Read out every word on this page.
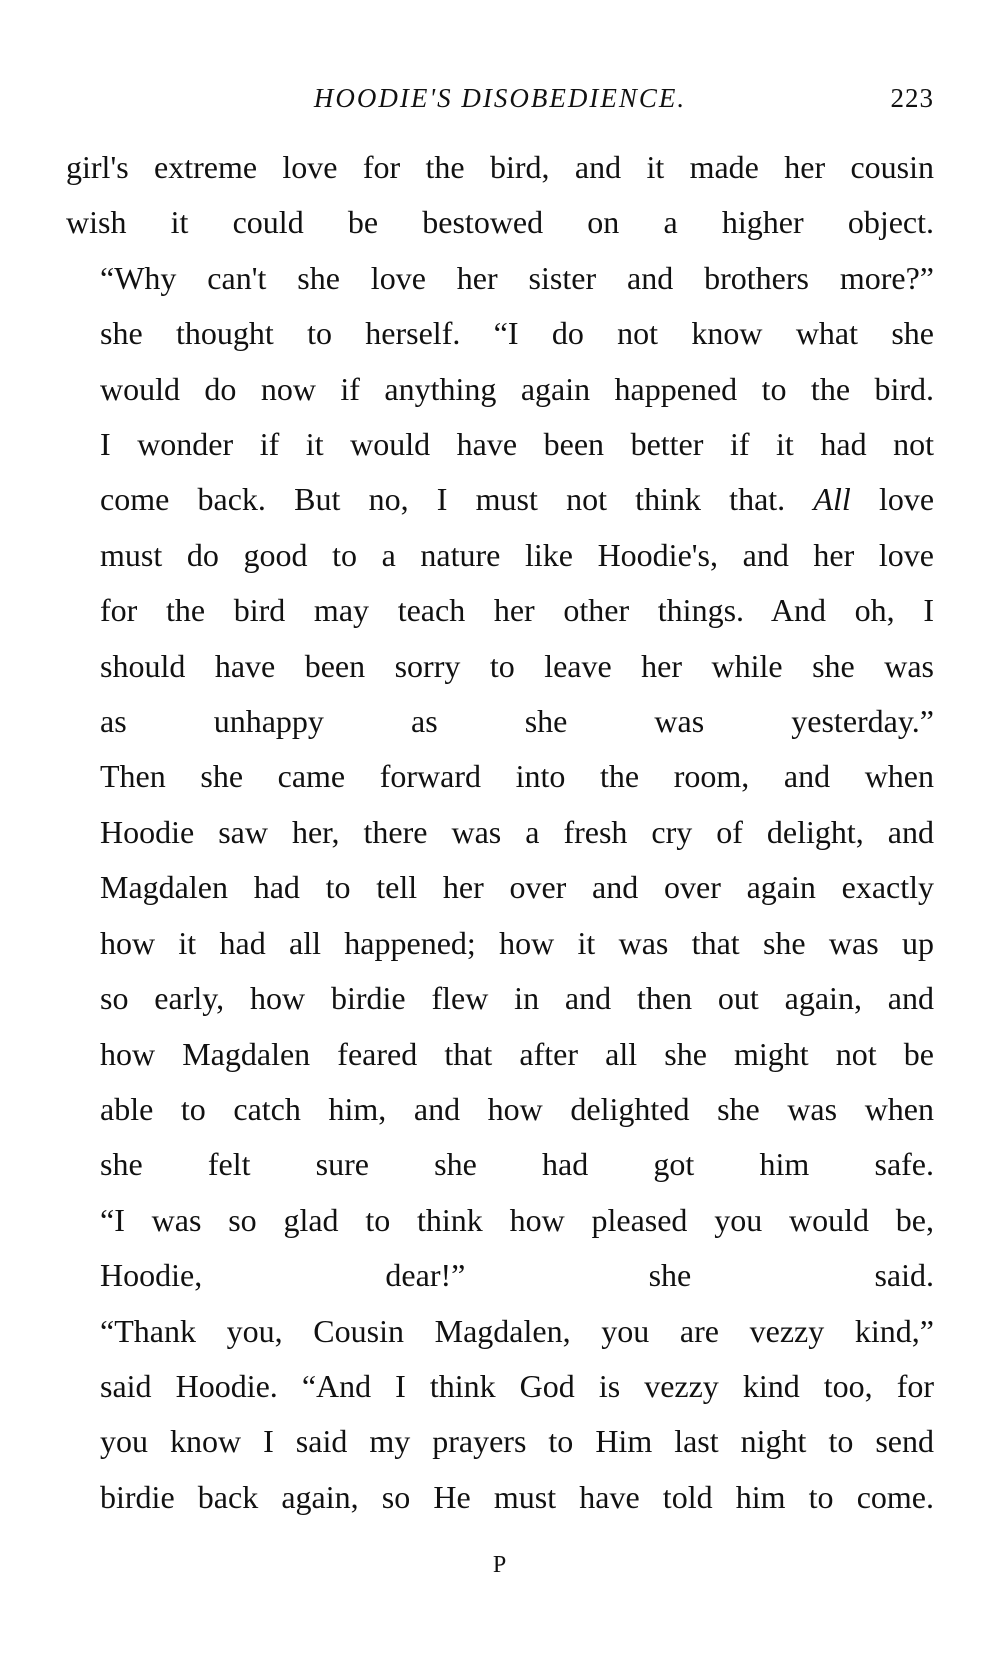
HOODIE'S DISOBEDIENCE.	223

girl's extreme love for the bird, and it made her cousin
wish it could be bestowed on a higher object.

“Why can't she love her sister and brothers more?”
she thought to herself. “I do not know what she
would do now if anything again happened to the bird.
I wonder if it would have been better if it had not
come back. But no, I must not think that. All love
must do good to a nature like Hoodie's, and her love
for the bird may teach her other things. And oh, I
should have been sorry to leave her while she was
as unhappy as she was yesterday.”

Then she came forward into the room, and when
Hoodie saw her, there was a fresh cry of delight, and
Magdalen had to tell her over and over again exactly
how it had all happened; how it was that she was up
so early, how birdie flew in and then out again, and
how Magdalen feared that after all she might not be
able to catch him, and how delighted she was when
she felt sure she had got him safe.

“I was so glad to think how pleased you would be,
Hoodie, dear!” she said.

“Thank you, Cousin Magdalen, you are vezzy kind,”
said Hoodie. “And I think God is vezzy kind too, for
you know I said my prayers to Him last night to send
birdie back again, so He must have told him to come.

P
